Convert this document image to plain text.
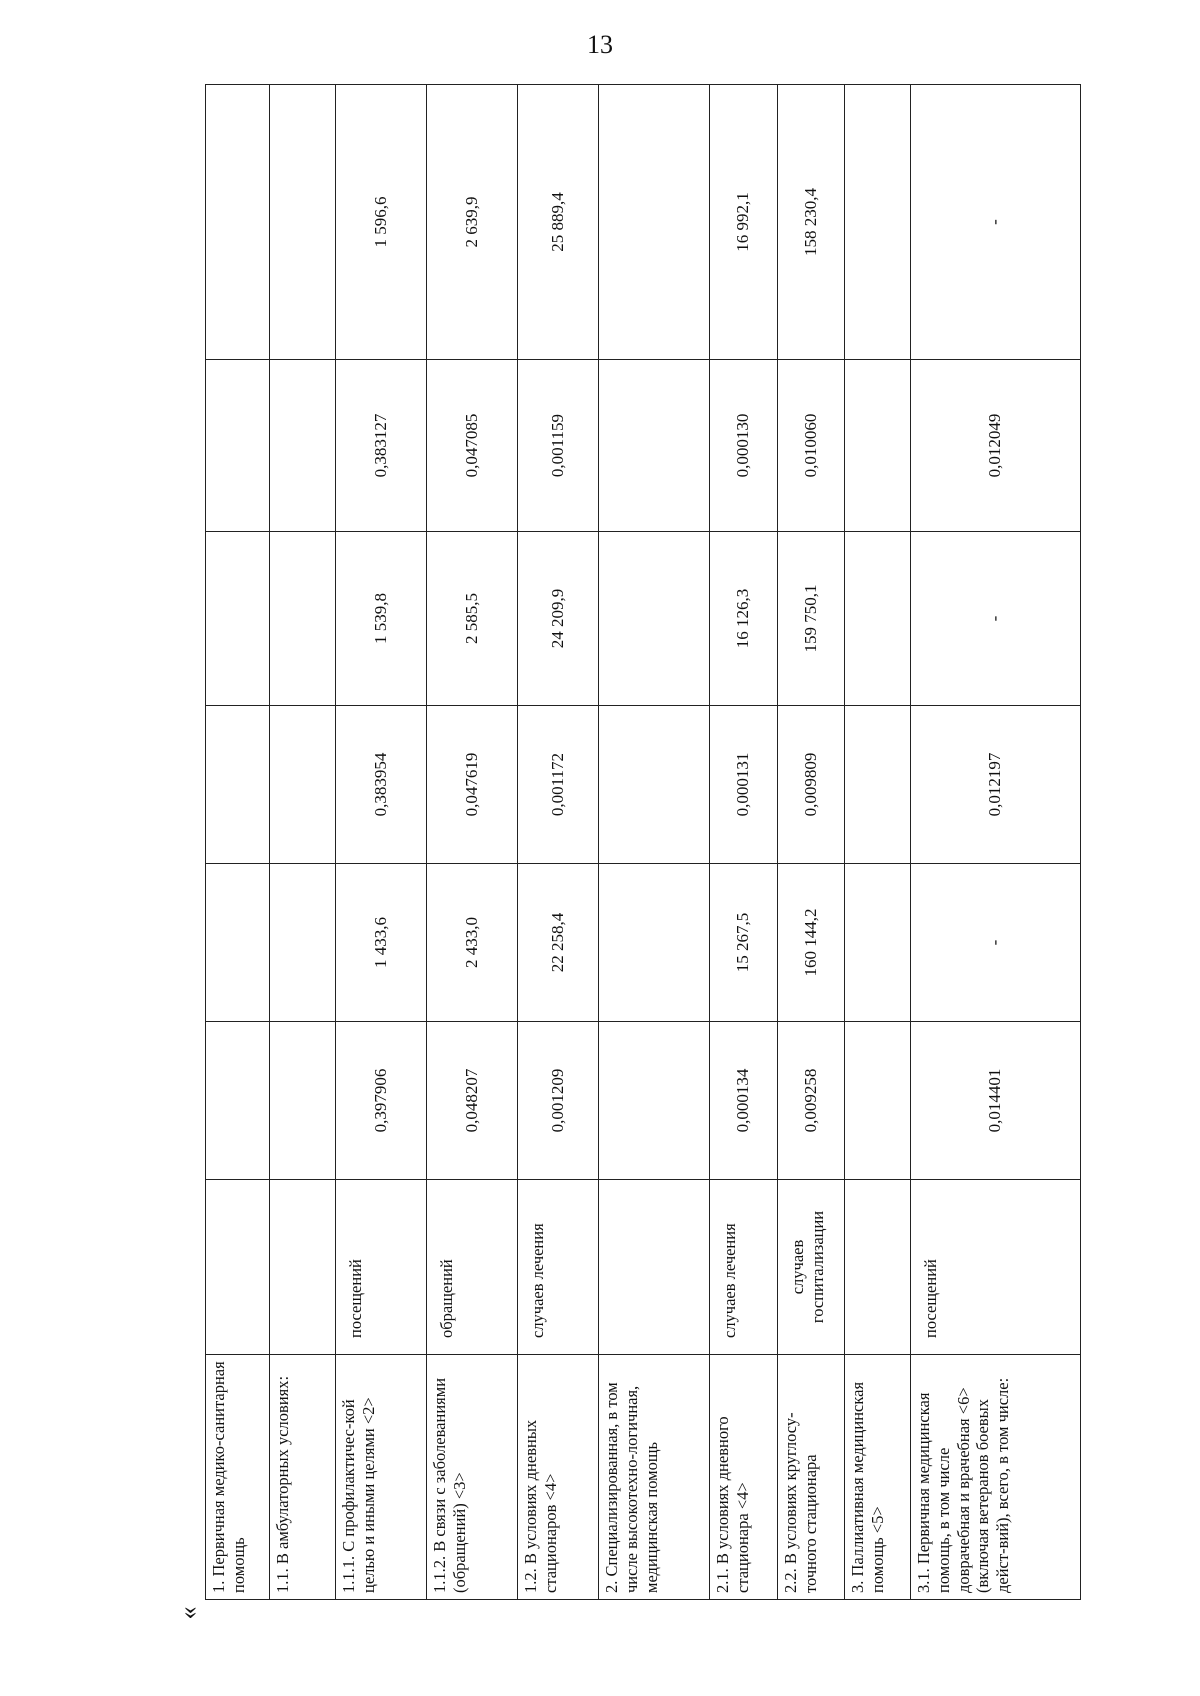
13
«
1. Первичная медико-санитарная помощь							
1.1. В амбулаторных условиях:							
1.1.1. С профилактичес-кой целью и иными целями <2>	посещений	0,397906	1 433,6	0,383954	1 539,8	0,383127	1 596,6
1.1.2. В связи с заболеваниями (обращений) <3>	обращений	0,048207	2 433,0	0,047619	2 585,5	0,047085	2 639,9
1.2. В условиях дневных стационаров <4>	случаев лечения	0,001209	22 258,4	0,001172	24 209,9	0,001159	25 889,4
2. Специализированная, в том числе высокотехно-логичная, медицинская помощь							
2.1. В условиях дневного стационара <4>	случаев лечения	0,000134	15 267,5	0,000131	16 126,3	0,000130	16 992,1
2.2. В условиях круглосу-точного стационара	случаев госпитализации	0,009258	160 144,2	0,009809	159 750,1	0,010060	158 230,4
3. Паллиативная медицинская помощь <5>							
3.1. Первичная медицинская помощь, в том числе доврачебная и врачебная <6> (включая ветеранов боевых дейст-вий), всего, в том числе:	посещений	0,014401	-	0,012197	-	0,012049	-
